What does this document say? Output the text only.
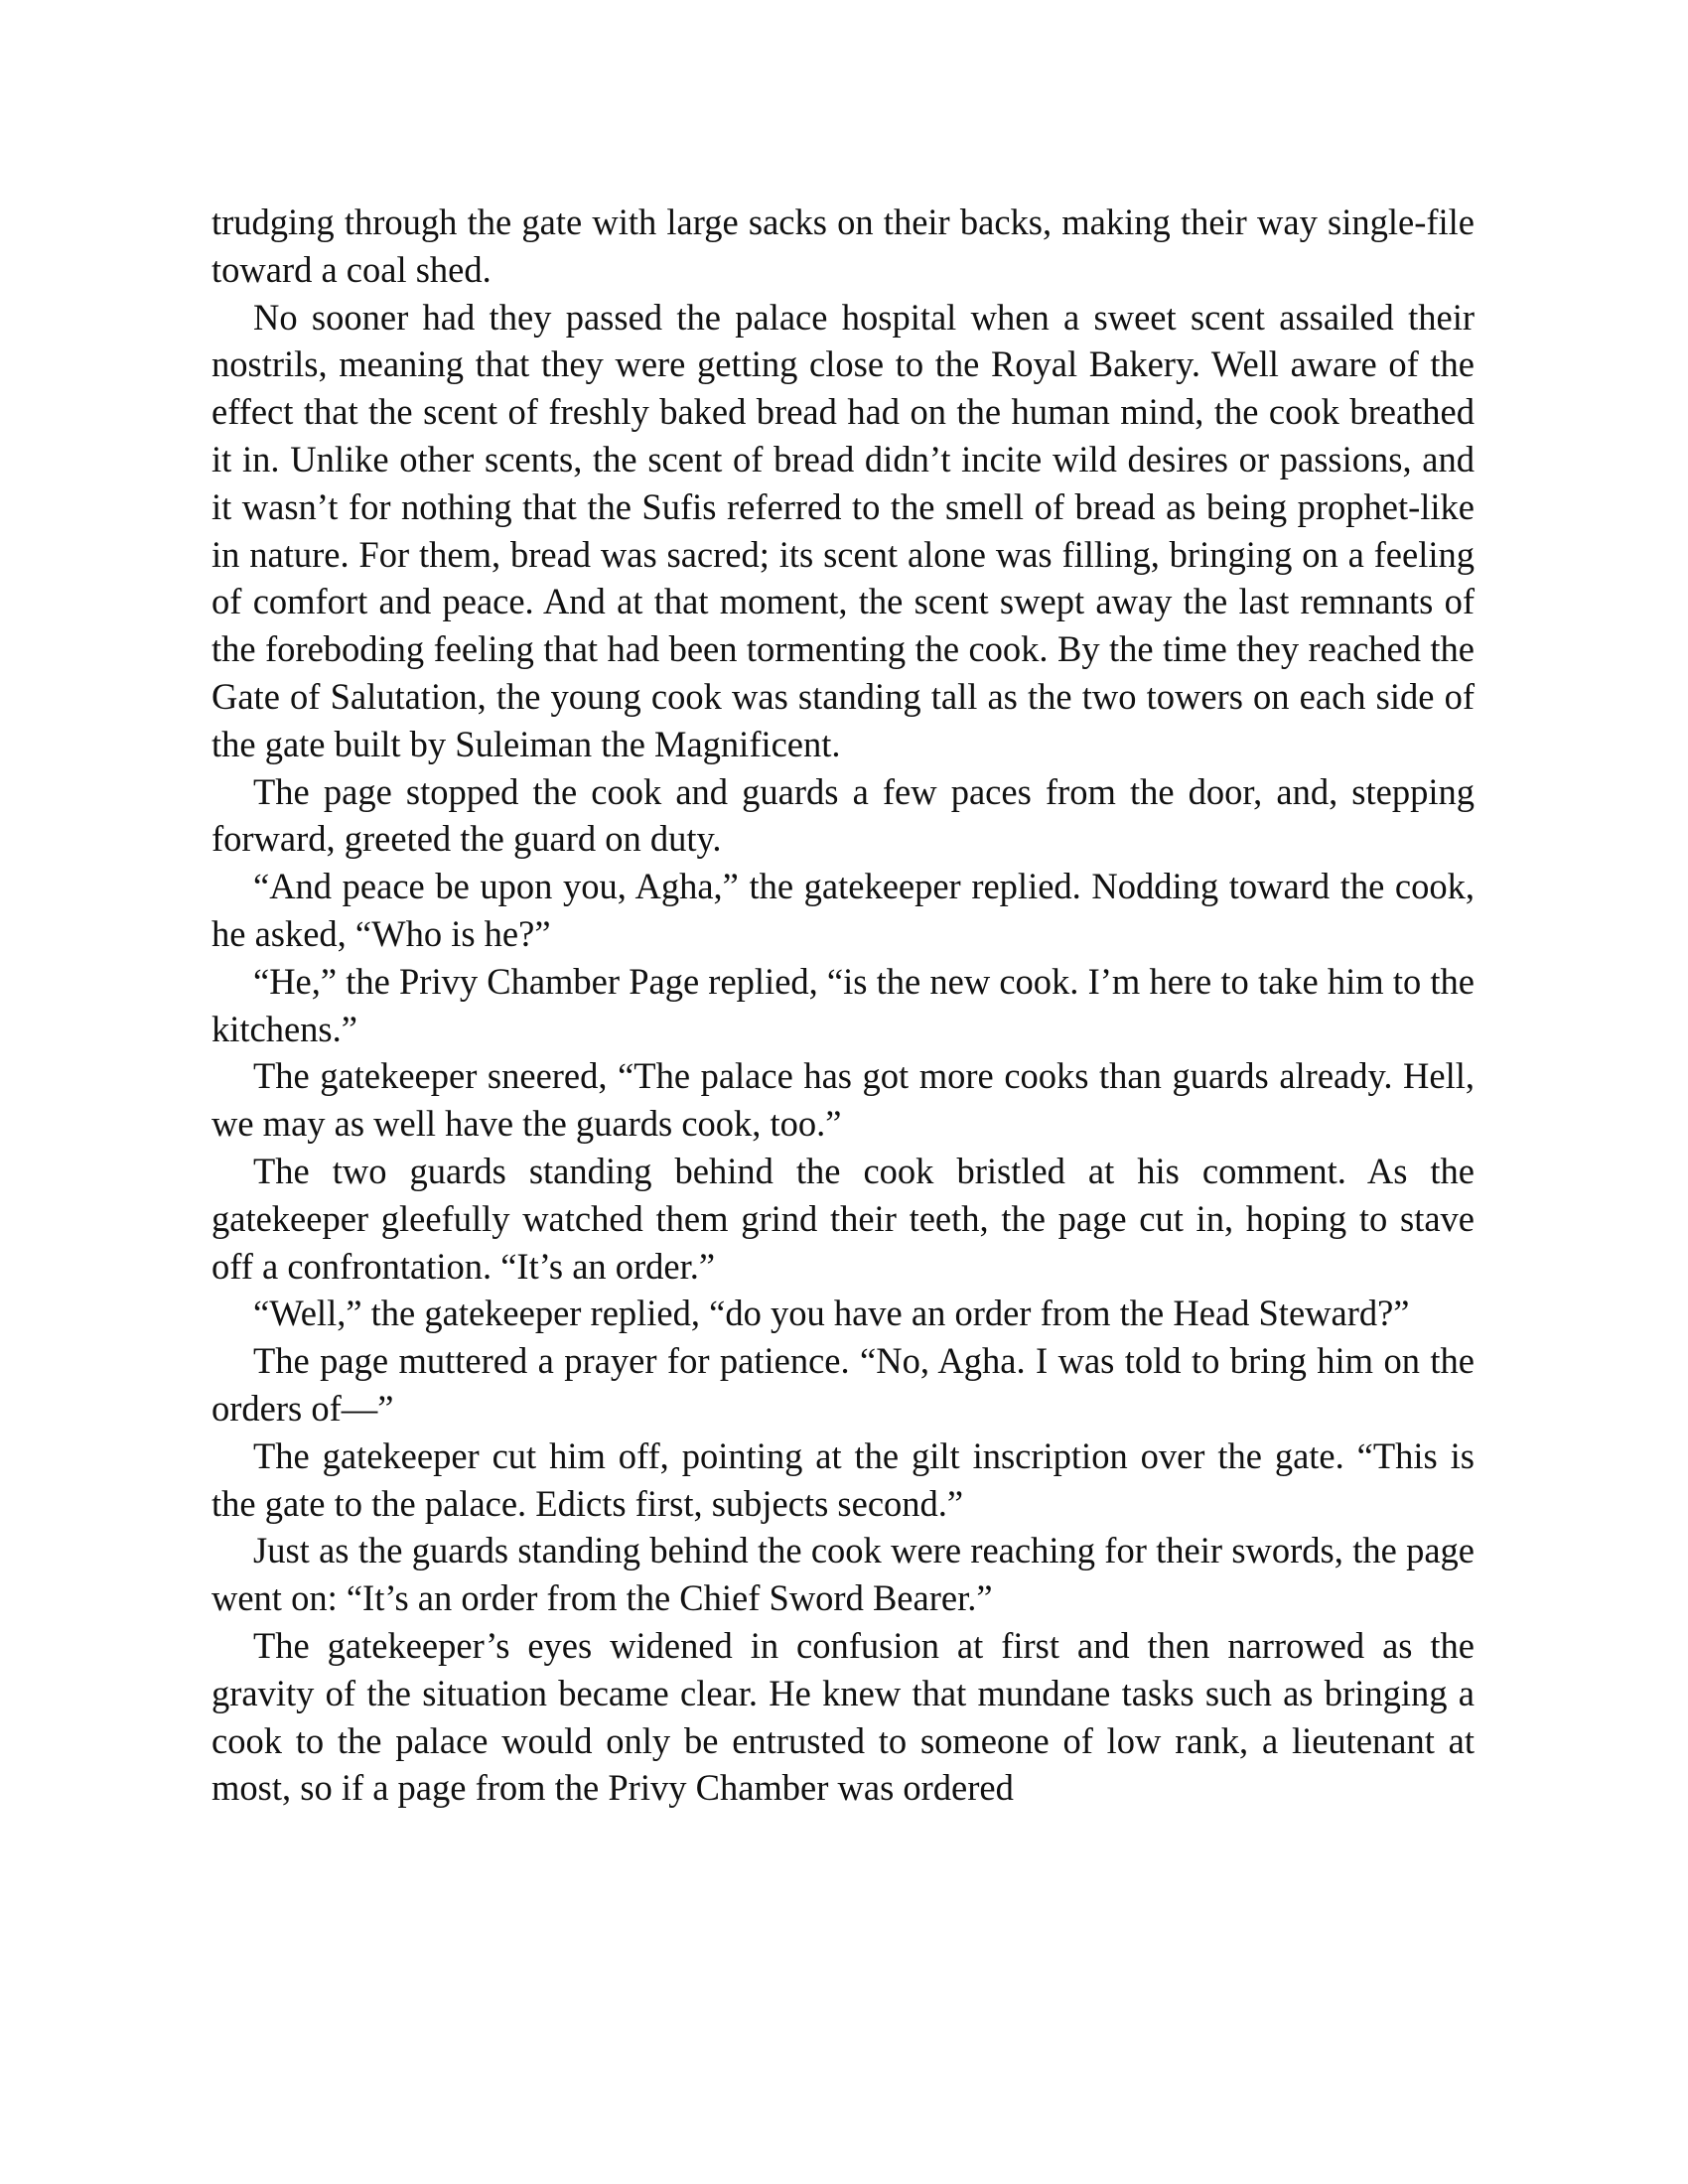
trudging through the gate with large sacks on their backs, making their way single-file toward a coal shed.

No sooner had they passed the palace hospital when a sweet scent assailed their nostrils, meaning that they were getting close to the Royal Bakery. Well aware of the effect that the scent of freshly baked bread had on the human mind, the cook breathed it in. Unlike other scents, the scent of bread didn’t incite wild desires or passions, and it wasn’t for nothing that the Sufis referred to the smell of bread as being prophet-like in nature. For them, bread was sacred; its scent alone was filling, bringing on a feeling of comfort and peace. And at that moment, the scent swept away the last remnants of the foreboding feeling that had been tormenting the cook. By the time they reached the Gate of Salutation, the young cook was standing tall as the two towers on each side of the gate built by Suleiman the Magnificent.

The page stopped the cook and guards a few paces from the door, and, stepping forward, greeted the guard on duty.

“And peace be upon you, Agha,” the gatekeeper replied. Nodding toward the cook, he asked, “Who is he?”

“He,” the Privy Chamber Page replied, “is the new cook. I’m here to take him to the kitchens.”

The gatekeeper sneered, “The palace has got more cooks than guards already. Hell, we may as well have the guards cook, too.”

The two guards standing behind the cook bristled at his comment. As the gatekeeper gleefully watched them grind their teeth, the page cut in, hoping to stave off a confrontation. “It’s an order.”

“Well,” the gatekeeper replied, “do you have an order from the Head Steward?”

The page muttered a prayer for patience. “No, Agha. I was told to bring him on the orders of—”

The gatekeeper cut him off, pointing at the gilt inscription over the gate. “This is the gate to the palace. Edicts first, subjects second.”

Just as the guards standing behind the cook were reaching for their swords, the page went on: “It’s an order from the Chief Sword Bearer.”

The gatekeeper’s eyes widened in confusion at first and then narrowed as the gravity of the situation became clear. He knew that mundane tasks such as bringing a cook to the palace would only be entrusted to someone of low rank, a lieutenant at most, so if a page from the Privy Chamber was ordered
